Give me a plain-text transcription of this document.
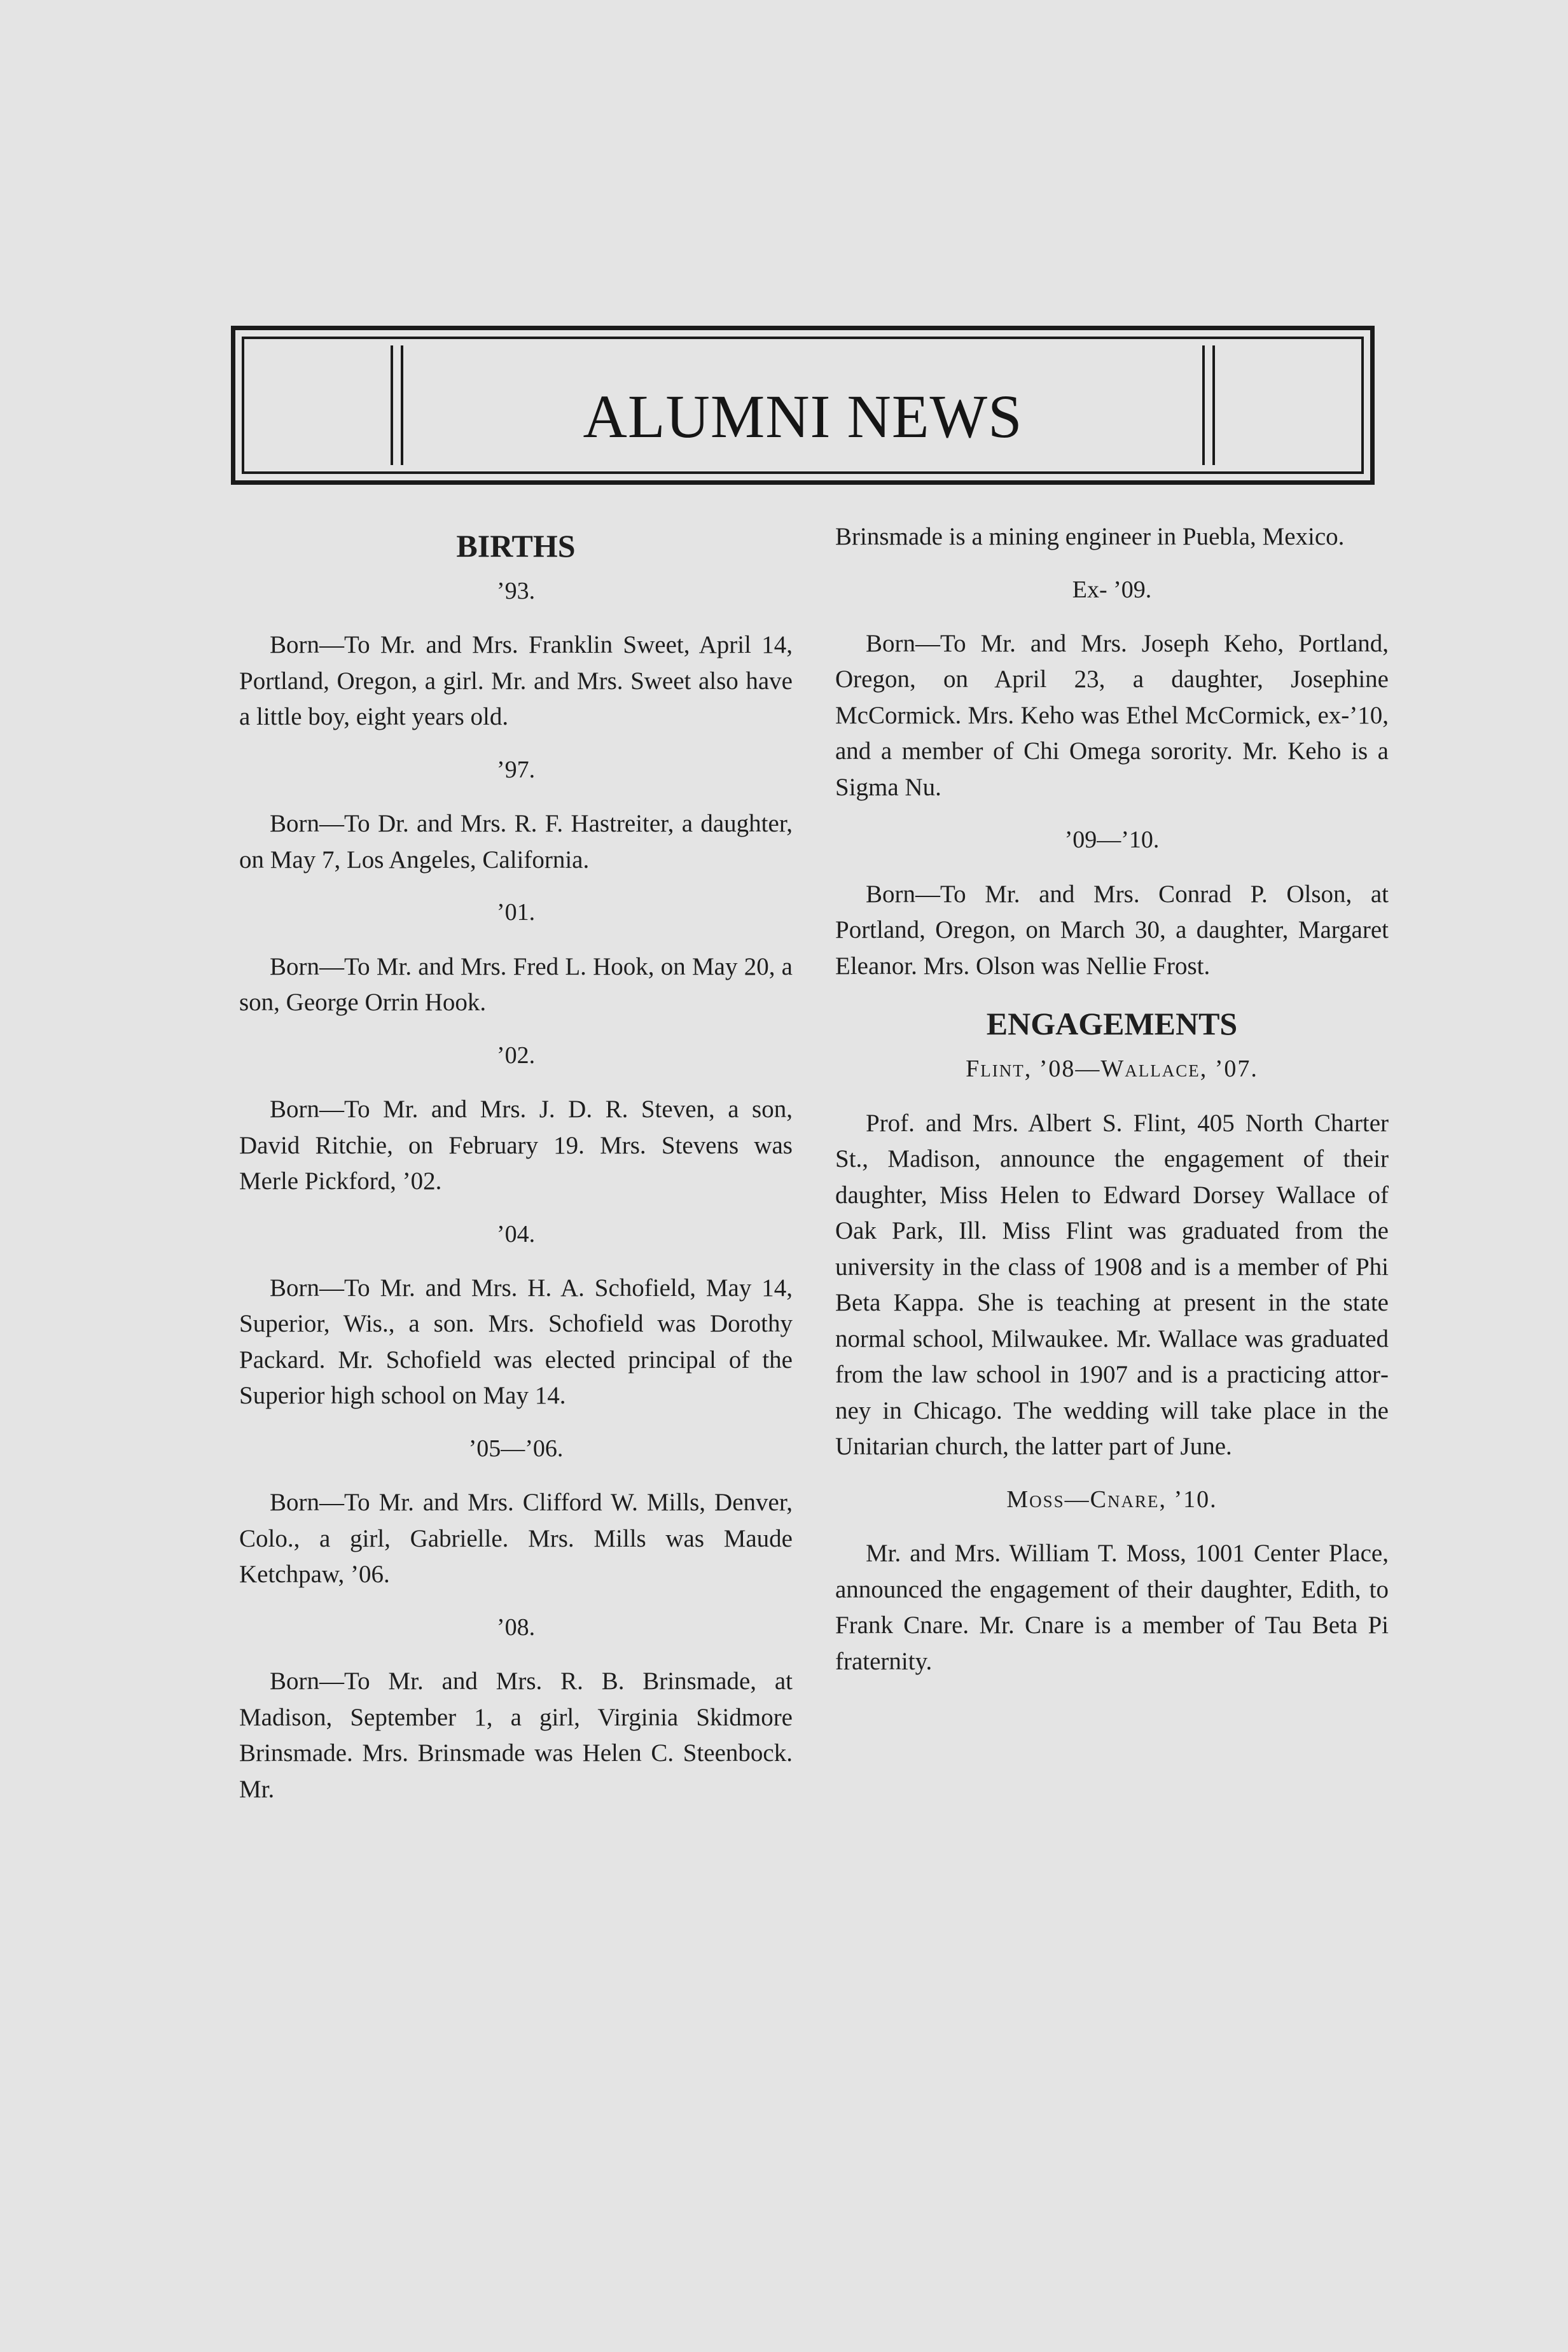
ALUMNI NEWS
BIRTHS
’93.

Born—To Mr. and Mrs. Franklin Sweet, April 14, Portland, Oregon, a girl. Mr. and Mrs. Sweet also have a little boy, eight years old.

’97.

Born—To Dr. and Mrs. R. F. Hastreiter, a daughter, on May 7, Los Angeles, California.

’01.

Born—To Mr. and Mrs. Fred L. Hook, on May 20, a son, George Orrin Hook.

’02.

Born—To Mr. and Mrs. J. D. R. Steven, a son, David Ritchie, on February 19. Mrs. Stevens was Merle Pickford, ’02.

’04.

Born—To Mr. and Mrs. H. A. Schofield, May 14, Superior, Wis., a son. Mrs. Schofield was Dorothy Packard. Mr. Schofield was elected principal of the Superior high school on May 14.

’05—’06.

Born—To Mr. and Mrs. Clifford W. Mills, Denver, Colo., a girl, Gabrielle. Mrs. Mills was Maude Ketchpaw, ’06.

’08.

Born—To Mr. and Mrs. R. B. Brinsmade, at Madison, September 1, a girl, Virginia Skidmore Brinsmade. Mrs. Brinsmade was Helen C. Steenbock. Mr.

Brinsmade is a mining engineer in Puebla, Mexico.

Ex- ’09.

Born—To Mr. and Mrs. Joseph Keho, Portland, Oregon, on April 23, a daughter, Josephine McCormick. Mrs. Keho was Ethel McCormick, ex-’10, and a member of Chi Omega sorority. Mr. Keho is a Sigma Nu.

’09—’10.

Born—To Mr. and Mrs. Conrad P. Olson, at Portland, Oregon, on March 30, a daughter, Margaret Eleanor. Mrs. Olson was Nellie Frost.

ENGAGEMENTS
Flint, ’08—Wallace, ’07.

Prof. and Mrs. Albert S. Flint, 405 North Charter St., Madison, announce the engagement of their daughter, Miss Helen to Edward Dorsey Wallace of Oak Park, Ill. Miss Flint was graduated from the university in the class of 1908 and is a member of Phi Beta Kappa. She is teaching at present in the state normal school, Milwaukee. Mr. Wallace was graduated from the law school in 1907 and is a practicing attorney in Chicago. The wedding will take place in the Unitarian church, the latter part of June.

Moss—Cnare, ’10.

Mr. and Mrs. William T. Moss, 1001 Center Place, announced the engagement of their daughter, Edith, to Frank Cnare. Mr. Cnare is a member of Tau Beta Pi fraternity.
